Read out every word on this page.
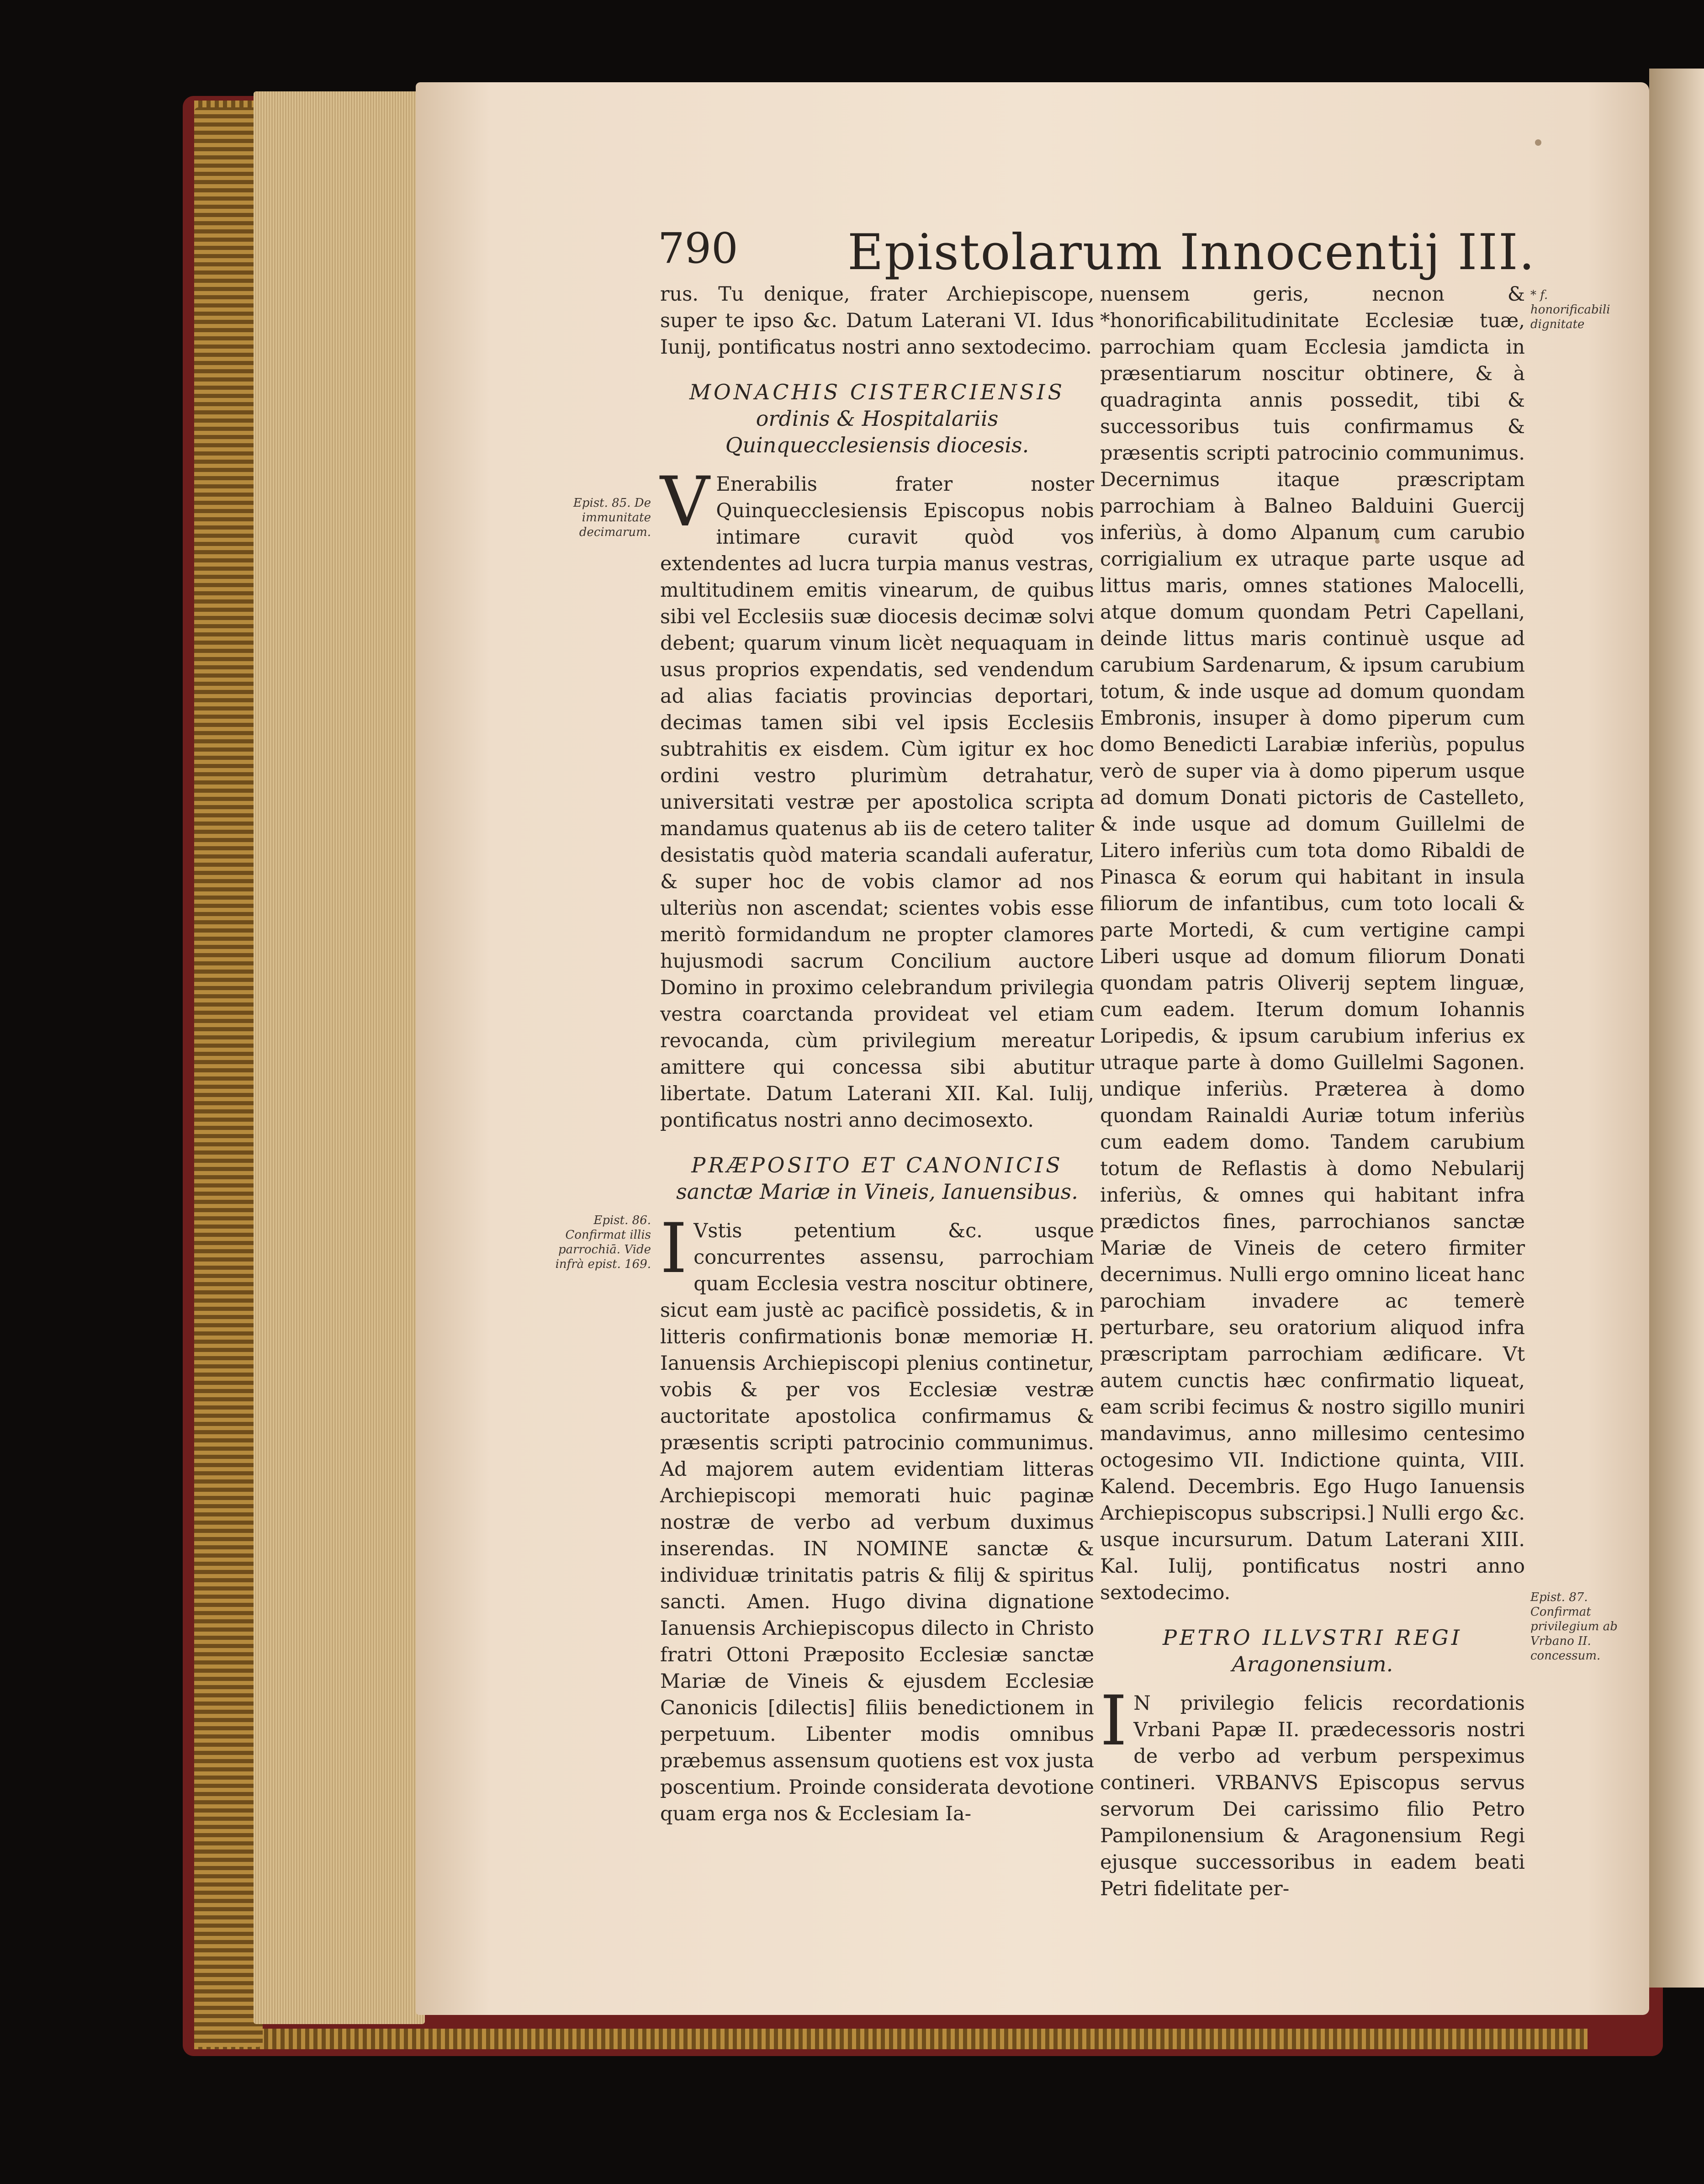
790 Epistolarum Innocentij III.
Epist. 85. De immunitate decimarum.
Epist. 86. Confirmat illis parrochiā. Vide infrà epist. 169.
* f. honorificabili dignitate
Epist. 87. Confirmat privilegium ab Vrbano II. concessum.

rus. Tu denique, frater Archiepiscope, super te ipso &c. Datum Laterani VI. Idus Iunij, pontificatus nostri anno sextodecimo.

MONACHIS CISTERCIENSIS
ordinis & Hospitalariis Quinquecclesiensis diocesis.

V Enerabilis frater noster Quinquecclesiensis Episcopus nobis intimare curavit quòd vos extendentes ad lucra turpia manus vestras, multitudinem emitis vinearum, de quibus sibi vel Ecclesiis suæ diocesis decimæ solvi debent; quarum vinum licèt nequaquam in usus proprios expendatis, sed vendendum ad alias faciatis provincias deportari, decimas tamen sibi vel ipsis Ecclesiis subtrahitis ex eisdem. Cùm igitur ex hoc ordini vestro plurimùm detrahatur, universitati vestræ per apostolica scripta mandamus quatenus ab iis de cetero taliter desistatis quòd materia scandali auferatur, & super hoc de vobis clamor ad nos ulteriùs non ascendat; scientes vobis esse meritò formidandum ne propter clamores hujusmodi sacrum Concilium auctore Domino in proximo celebrandum privilegia vestra coarctanda provideat vel etiam revocanda, cùm privilegium mereatur amittere qui concessa sibi abutitur libertate. Datum Laterani XII. Kal. Iulij, pontificatus nostri anno decimosexto.

PRÆPOSITO ET CANONICIS
sanctæ Mariæ in Vineis, Ianuensibus.

I Vstis petentium &c. usque concurrentes assensu, parrochiam quam Ecclesia vestra noscitur obtinere, sicut eam justè ac pacificè possidetis, & in litteris confirmationis bonæ memoriæ H. Ianuensis Archiepiscopi plenius continetur, vobis & per vos Ecclesiæ vestræ auctoritate apostolica confirmamus & præsentis scripti patrocinio communimus. Ad majorem autem evidentiam litteras Archiepiscopi memorati huic paginæ nostræ de verbo ad verbum duximus inserendas. IN NOMINE sanctæ & individuæ trinitatis patris & filij & spiritus sancti. Amen. Hugo divina dignatione Ianuensis Archiepiscopus dilecto in Christo fratri Ottoni Præposito Ecclesiæ sanctæ Mariæ de Vineis & ejusdem Ecclesiæ Canonicis [dilectis] filiis benedictionem in perpetuum. Libenter modis omnibus præbemus assensum quotiens est vox justa poscentium. Proinde considerata devotione quam erga nos & Ecclesiam Ia-

nuensem geris, necnon & *honorificabilitudinitate Ecclesiæ tuæ, parrochiam quam Ecclesia jamdicta in præsentiarum noscitur obtinere, & à quadraginta annis possedit, tibi & successoribus tuis confirmamus & præsentis scripti patrocinio communimus. Decernimus itaque præscriptam parrochiam à Balneo Balduini Guercij inferiùs, à domo Alpanum cum carubio corrigialium ex utraque parte usque ad littus maris, omnes stationes Malocelli, atque domum quondam Petri Capellani, deinde littus maris continuè usque ad carubium Sardenarum, & ipsum carubium totum, & inde usque ad domum quondam Embronis, insuper à domo piperum cum domo Benedicti Larabiæ inferiùs, populus verò de super via à domo piperum usque ad domum Donati pictoris de Castelleto, & inde usque ad domum Guillelmi de Litero inferiùs cum tota domo Ribaldi de Pinasca & eorum qui habitant in insula filiorum de infantibus, cum toto locali & parte Mortedi, & cum vertigine campi Liberi usque ad domum filiorum Donati quondam patris Oliverij septem linguæ, cum eadem. Iterum domum Iohannis Loripedis, & ipsum carubium inferius ex utraque parte à domo Guillelmi Sagonen. undique inferiùs. Præterea à domo quondam Rainaldi Auriæ totum inferiùs cum eadem domo. Tandem carubium totum de Reflastis à domo Nebularij inferiùs, & omnes qui habitant infra prædictos fines, parrochianos sanctæ Mariæ de Vineis de cetero firmiter decernimus. Nulli ergo omnino liceat hanc parochiam invadere ac temerè perturbare, seu oratorium aliquod infra præscriptam parrochiam ædificare. Vt autem cunctis hæc confirmatio liqueat, eam scribi fecimus & nostro sigillo muniri mandavimus, anno millesimo centesimo octogesimo VII. Indictione quinta, VIII. Kalend. Decembris. Ego Hugo Ianuensis Archiepiscopus subscripsi.] Nulli ergo &c. usque incursurum. Datum Laterani XIII. Kal. Iulij, pontificatus nostri anno sextodecimo.

PETRO ILLVSTRI REGI
Aragonensium.

I N privilegio felicis recordationis Vrbani Papæ II. prædecessoris nostri de verbo ad verbum perspeximus contineri. VRBANVS Episcopus servus servorum Dei carissimo filio Petro Pampilonensium & Aragonensium Regi ejusque successoribus in eadem beati Petri fidelitate per-
